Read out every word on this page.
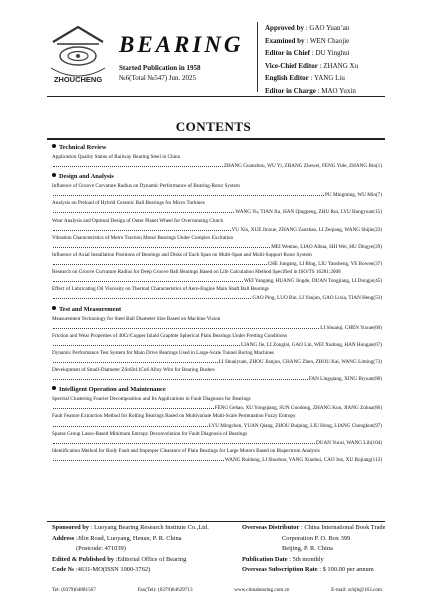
ZHOUCHENG
BEARING
Started Publication in 1958
№6(Total №547) Jun. 2025
Approved by : GAO Yuan’an
Examined by : WEN Chaojie
Editor in Chief : DU Yinghui
Vice-Chief Editor : ZHANG Xu
English Editor : YANG Liu
Editor in Charge : MAO Yuxin
CONTENTS
Technical Review
Application Quality Status of Railway Bearing Steel in China
ZHANG Guanzhou, WU Yi, ZHANG Zhewei, FENG Yide, ZHANG Bin(1)
Design and Analysis
Influence of Groove Curvature Radius on Dynamic Performance of Bearing-Rotor System
PU Mingming, WU Min(7)
Analysis on Preload of Hybrid Ceramic Ball Bearings for Micro Turbines
WANG Yu, TIAN Xu, HAN Qingpeng, ZHU Rui, LYU Hangyuan(15)
Wear Analysis and Optimal Design of Outer Planet Wheel for Overrunning Clutch
YU Xin, XUE Jinxue, ZHANG Zaozhao, LI Zeqiang, WANG Shijie(23)
Vibration Characteristics of Metro Traction Motor Bearings Under Complex Excitation
MEI Wentao, LIAO Aihua, SHI Wei, HU Dingye(29)
Influence of Axial Installation Positions of Bearings and Disks of Each Span on Multi-Span and Multi-Support Rotor System
CHE Jungang, LI Bing, LIU Yansheng, YE Bowen(37)
Research on Groove Curvature Radius for Deep Groove Ball Bearings Based on Life Calculation Method Specified in ISO/TS 16281:2008
WEI Yangang, HUANG Jingde, DUAN Tongjiang, LI Dongju(45)
Effect of Lubricating Oil Viscosity on Thermal Characteristics of Aero-Engine Main Shaft Ball Bearings
GAO Ping, LUO Bin, LI Yanjun, GAO Lixia, TIAN Heng(53)
Test and Measurement
Measurement Technology for Steel Ball Diameter Size Based on Machine Vision
LI Shuaiqi, CHEN Yuxue(60)
Friction and Wear Properties of 40Cr/Copper Inlaid Graphite Spherical Plain Bearings Under Fretting Conditions
LIANG Jie, LI Zonglai, GAO Lin, WEI Xudong, HAN Hongan(67)
Dynamic Performance Test System for Main Drive Bearings Used in Large-Scale Tunnel Boring Machines
LI Shuaiyuan, ZHOU Jianjun, CHANG Zhen, ZHOU Kai, WANG Liming(73)
Development of Small-Diameter ZSnSb11Cu6 Alloy Wire for Bearing Bushes
FAN Lingqiang, XING Biyuan(80)
Intelligent Operation and Maintenance
Spectral Clustering Fourier Decomposition and Its Applications in Fault Diagnosis for Bearings
FENG Gehao, XU Yongqiang, SUN Guodong, ZHANG Kun, JIANG Zuhua(86)
Fault Feature Extraction Method for Rolling Bearings Based on Multivariate Multi-Scale Permutation Fuzzy Entropy
LYU Mingchen, YUAN Qiang, ZHOU Ruiping, LIU Hong, LIANG Chongkun(97)
Sparse Group Lasso-Based Minimum Entropy Deconvolution for Fault Diagnosis of Bearings
DUAN Yucai, WANG Lili(104)
Identification Method for Body Fault and Improper Clearance of Plain Bearings for Large Motors Based on Bispectrum Analysis
WANG Ruidong, LI Shushuo, YANG Xiaohui, CAO Jun, XU Bojiang(113)
Sponsored by : Luoyang Bearing Research Institute Co.,Ltd.
Address :Jilin Road, Luoyang, Henan, P. R. China
(Postcode: 471039)
Edited & Published by :Editorial Office of Bearing
Code № :4631-MO(ISSN 1000-3762)
Overseas Distributor : China International Book Trade
Corporation P. O. Box 399
Beijing, P. R. China
Publication Date : 5th monthly
Overseas Subscription Rate : $ 100.00 per annum
Tel: (0379)64881567	Fax(Tel): (0379)64629713	www.chinabearing.com.cn	E-mail: zcbjb@163.com
